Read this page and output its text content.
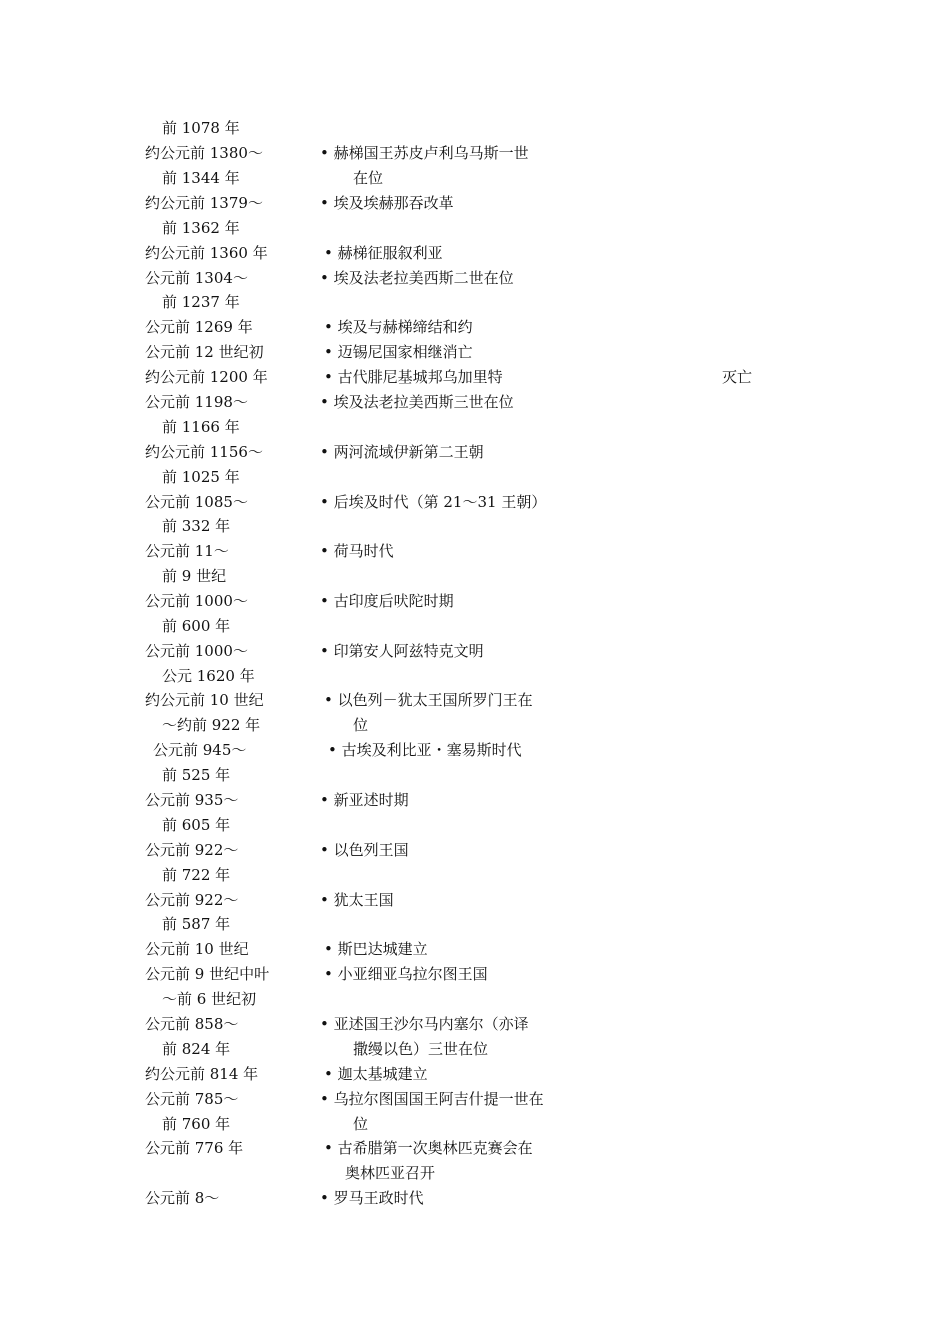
前 1078 年
约公元前 1380～	• 赫梯国王苏皮卢利乌马斯一世
前 1344 年	在位
约公元前 1379～	• 埃及埃赫那吞改革
前 1362 年
约公元前 1360 年	• 赫梯征服叙利亚
公元前 1304～	• 埃及法老拉美西斯二世在位
前 1237 年
公元前 1269 年	• 埃及与赫梯缔结和约
公元前 12 世纪初	• 迈锡尼国家相继消亡
约公元前 1200 年	• 古代腓尼基城邦乌加里特	灭亡
公元前 1198～	• 埃及法老拉美西斯三世在位
前 1166 年
约公元前 1156～	• 两河流域伊新第二王朝
前 1025 年
公元前 1085～	• 后埃及时代（第 21～31 王朝）
前 332 年
公元前 11～	• 荷马时代
前 9 世纪
公元前 1000～	• 古印度后吠陀时期
前 600 年
公元前 1000～	• 印第安人阿兹特克文明
公元 1620 年
约公元前 10 世纪	• 以色列－犹太王国所罗门王在
～约前 922 年	位
公元前 945～	• 古埃及利比亚・塞易斯时代
前 525 年
公元前 935～	• 新亚述时期
前 605 年
公元前 922～	• 以色列王国
前 722 年
公元前 922～	• 犹太王国
前 587 年
公元前 10 世纪	• 斯巴达城建立
公元前 9 世纪中叶	• 小亚细亚乌拉尔图王国
～前 6 世纪初
公元前 858～	• 亚述国王沙尔马内塞尔（亦译
前 824 年	撒缦以色）三世在位
约公元前 814 年	• 迦太基城建立
公元前 785～	• 乌拉尔图国国王阿吉什提一世在
前 760 年	位
公元前 776 年	• 古希腊第一次奥林匹克赛会在
奥林匹亚召开
公元前 8～	• 罗马王政时代
